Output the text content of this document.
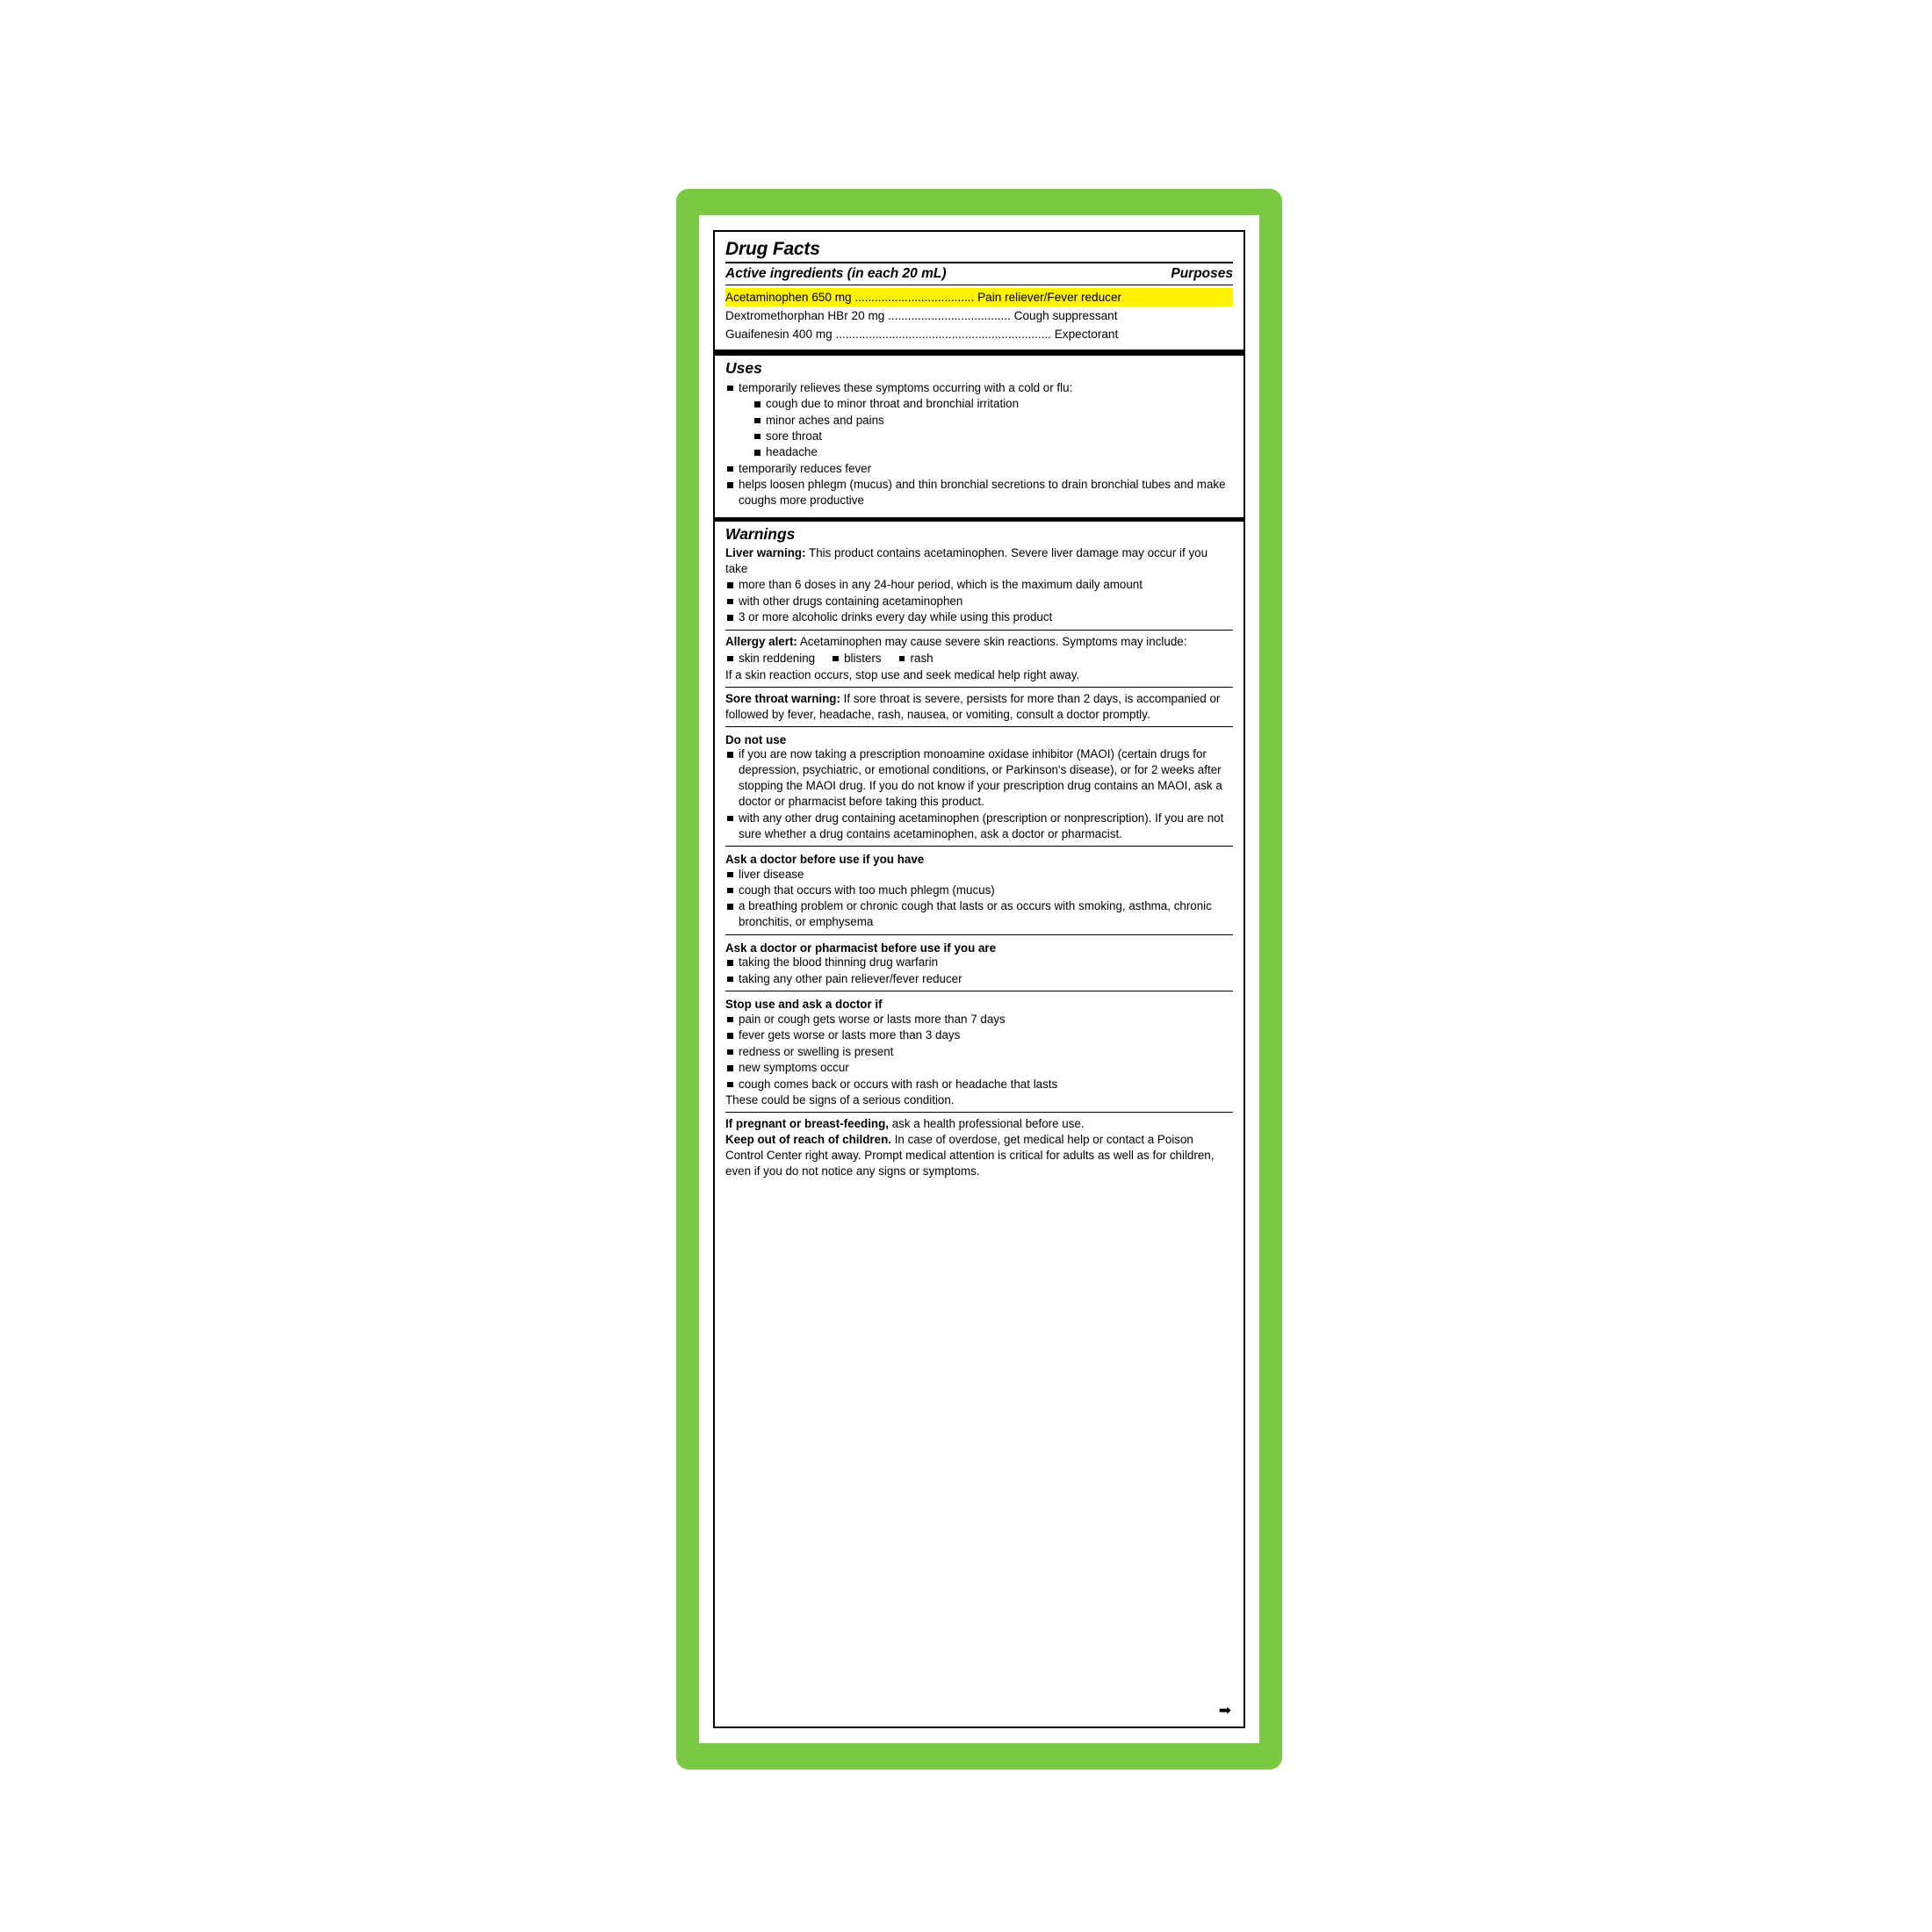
Drug Facts
Active ingredients (in each 20 mL)	Purposes
Acetaminophen 650 mg .................................... Pain reliever/Fever reducer
Dextromethorphan HBr 20 mg ..................................... Cough suppressant
Guaifenesin 400 mg ................................................................. Expectorant
Uses
temporarily relieves these symptoms occurring with a cold or flu:
cough due to minor throat and bronchial irritation
minor aches and pains
sore throat
headache
temporarily reduces fever
helps loosen phlegm (mucus) and thin bronchial secretions to drain bronchial tubes and make coughs more productive
Warnings
Liver warning: This product contains acetaminophen. Severe liver damage may occur if you take
more than 6 doses in any 24-hour period, which is the maximum daily amount
with other drugs containing acetaminophen
3 or more alcoholic drinks every day while using this product
Allergy alert: Acetaminophen may cause severe skin reactions. Symptoms may include:
skin reddening	blisters	rash
If a skin reaction occurs, stop use and seek medical help right away.
Sore throat warning: If sore throat is severe, persists for more than 2 days, is accompanied or followed by fever, headache, rash, nausea, or vomiting, consult a doctor promptly.
Do not use
if you are now taking a prescription monoamine oxidase inhibitor (MAOI) (certain drugs for depression, psychiatric, or emotional conditions, or Parkinson's disease), or for 2 weeks after stopping the MAOI drug. If you do not know if your prescription drug contains an MAOI, ask a doctor or pharmacist before taking this product.
with any other drug containing acetaminophen (prescription or nonprescription). If you are not sure whether a drug contains acetaminophen, ask a doctor or pharmacist.
Ask a doctor before use if you have
liver disease
cough that occurs with too much phlegm (mucus)
a breathing problem or chronic cough that lasts or as occurs with smoking, asthma, chronic bronchitis, or emphysema
Ask a doctor or pharmacist before use if you are
taking the blood thinning drug warfarin
taking any other pain reliever/fever reducer
Stop use and ask a doctor if
pain or cough gets worse or lasts more than 7 days
fever gets worse or lasts more than 3 days
redness or swelling is present
new symptoms occur
cough comes back or occurs with rash or headache that lasts
These could be signs of a serious condition.
If pregnant or breast-feeding, ask a health professional before use.
Keep out of reach of children. In case of overdose, get medical help or contact a Poison Control Center right away. Prompt medical attention is critical for adults as well as for children, even if you do not notice any signs or symptoms.
➡
